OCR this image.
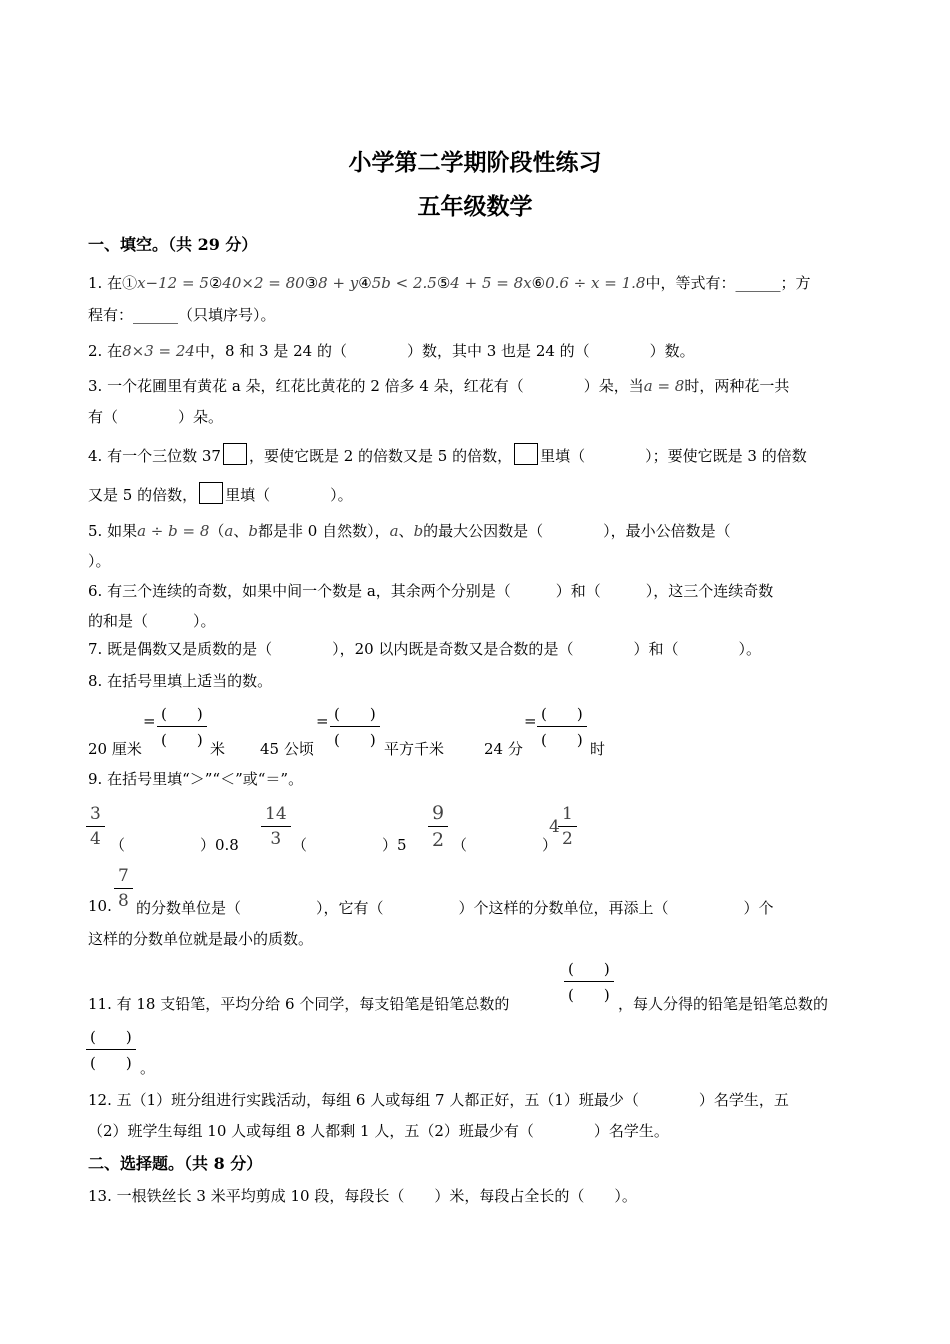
小学第二学期阶段性练习
五年级数学
一、填空。（共 29 分）
1. 在①x−12 = 5②40×2 = 80③8 + y④5b < 2.5⑤4 + 5 = 8x⑥0.6 ÷ x = 1.8中，等式有：______；方
程有：______（只填序号）。
2. 在8×3 = 24中，8 和 3 是 24 的（　　　　）数，其中 3 也是 24 的（　　　　）数。
3. 一个花圃里有黄花 a 朵，红花比黄花的 2 倍多 4 朵，红花有（　　　　）朵，当a = 8时，两种花一共
有（　　　　）朵。
4. 有一个三位数 37 ，要使它既是 2 的倍数又是 5 的倍数， 里填（　　　　）；要使它既是 3 的倍数
又是 5 的倍数， 里填（　　　　）。
5. 如果a ÷ b = 8（a、b都是非 0 自然数），a、b的最大公因数是（　　　　），最小公倍数是（
）。
6. 有三个连续的奇数，如果中间一个数是 a，其余两个分别是（　　　）和（　　　），这三个连续奇数
的和是（　　　）。
7. 既是偶数又是质数的是（　　　　），20 以内既是奇数又是合数的是（　　　　）和（　　　　）。
8. 在括号里填上适当的数。
20 厘米
= (　　)
(　　) 米 45 公顷
= (　　)
(　　) 平方千米	24 分
= (　　)
(　　) 时
9. 在括号里填“＞”“＜”或“＝”。
$\frac{3}{4}$ （　　　　　）$0.8 \frac{14}{3}$ （　　　　　）$5 \frac{9}{2}$ （　　　　　）
4
$\frac{1}{2}$
10. $\frac{7}{8}$ 的分数单位是（　　　　　），它有（　　　　　）个这样的分数单位，再添上（　　　　　）个
这样的分数单位就是最小的质数。
11. 有 18 支铅笔，平均分给 6 个同学，每支铅笔是铅笔总数的
(　　)
(　　) ，每人分得的铅笔是铅笔总数的
(　　)
(　　) 。
12. 五（1）班分组进行实践活动，每组 6 人或每组 7 人都正好，五（1）班最少（　　　　）名学生，五
（2）班学生每组 10 人或每组 8 人都剩 1 人，五（2）班最少有（　　　　）名学生。
二、选择题。（共 8 分）
13. 一根铁丝长 3 米平均剪成 10 段，每段长（　　）米，每段占全长的（　　）。
